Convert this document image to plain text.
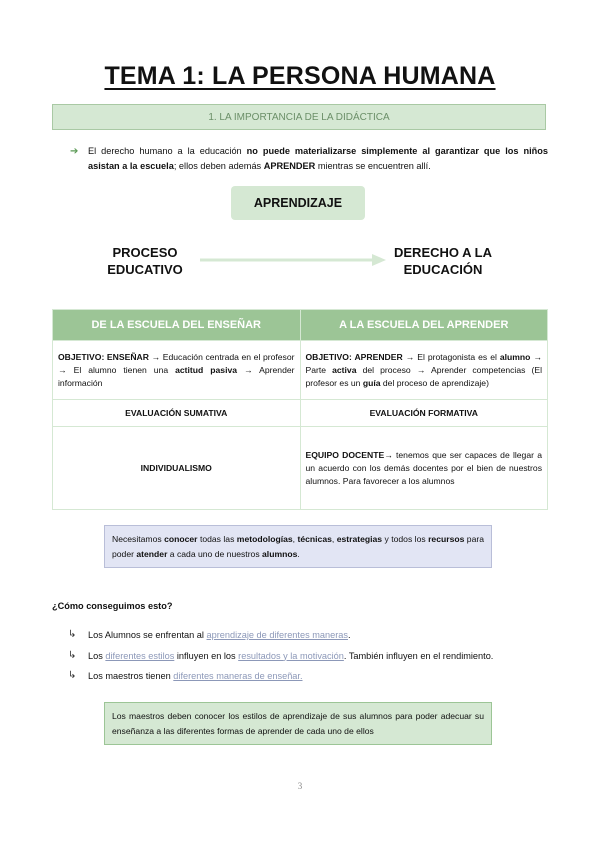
TEMA 1: LA PERSONA HUMANA
1. LA IMPORTANCIA DE LA DIDÁCTICA
➔ El derecho humano a la educación no puede materializarse simplemente al garantizar que los niños asistan a la escuela; ellos deben además APRENDER mientras se encuentren allí.
APRENDIZAJE
PROCESO
EDUCATIVO
DERECHO A LA
EDUCACIÓN
DE LA ESCUELA DEL ENSEÑAR	A LA ESCUELA DEL APRENDER
OBJETIVO: ENSEÑAR → Educación centrada en el profesor → El alumno tienen una actitud pasiva → Aprender información	OBJETIVO: APRENDER → El protagonista es el alumno → Parte activa del proceso → Aprender competencias (El profesor es un guía del proceso de aprendizaje)
EVALUACIÓN SUMATIVA	EVALUACIÓN FORMATIVA
INDIVIDUALISMO	EQUIPO DOCENTE→ tenemos que ser capaces de llegar a un acuerdo con los demás docentes por el bien de nuestros alumnos. Para favorecer a los alumnos
Necesitamos conocer todas las metodologías, técnicas, estrategias y todos los recursos para poder atender a cada uno de nuestros alumnos.
¿Cómo conseguimos esto?
↳ Los Alumnos se enfrentan al aprendizaje de diferentes maneras.
↳ Los diferentes estilos influyen en los resultados y la motivación. También influyen en el rendimiento.
↳ Los maestros tienen diferentes maneras de enseñar.
Los maestros deben conocer los estilos de aprendizaje de sus alumnos para poder adecuar su enseñanza a las diferentes formas de aprender de cada uno de ellos
3
